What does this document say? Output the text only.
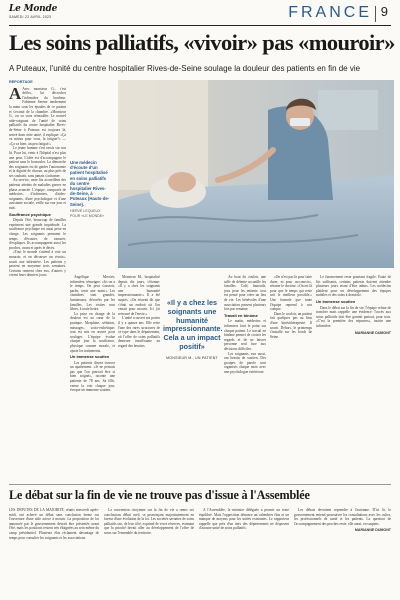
Le Monde
SAMEDI 22 AVRIL 2023	FRANCE 9
Les soins palliatifs, «vivoir» pas «mouroir»
A Puteaux, l'unité du centre hospitalier Rives-de-Seine soulage la douleur des patients en fin de vie
REPORTAGE

A Avec monsieur G., c'est drôle», lui décrocher l'infirmière du bonheur. Fabienne Serene tendrement la main sous les épaules de ce patient et s'extrait de la chambre. «Monsieur G., on va vous réinstaller. Le nouvel aide-soignant de l'unité de soins palliatifs du centre hospitalier Rives-de-Seine à Puteaux est toujours là, arrivé dans cette unité, il explique: «Ça va mieux pour vous, la fatigue?» — «Ça va bien, un peu fatigué.»

Le jeune homme s'est rassis sur son lit. Pour lui, venir à l'hôpital n'est plus une peur. L'idée est d'accompagner le patient sans le bousculer. La démarche des soignants est de garder l'autonomie et la dignité de chacun, au plus près de ses souhaits, sans jamais s'acharner.

Au service, onze lits accueillent des patients atteints de maladies graves en phase avancée. L'équipe, composée de médecins, d'infirmiers, d'aides-soignants, d'une psychologue et d'une assistante sociale, veille sur eux jour et nuit.

Souffrance psychique

Depuis l'été, beaucoup de familles expriment une grande inquiétude. La souffrance psychique est aussi prise en charge. Les soignants prennent le temps d'écouter, de rassurer, d'expliquer. Ils accompagnent aussi les proches, avant et après le décès.

«Tout le monde s'attend à voir un mouroir, et on découvre un vivoir», sourit une infirmière. Les patients y passent en moyenne trois semaines. Certains rentrent chez eux, d'autres y vivent leurs derniers jours.

Une médecin d'écoute d'un patient hospitalisé en soins palliatifs du centre hospitalier Rives-de-Seine, à Puteaux (Hauts-de-Seine).
HERVÉ LEQUEUX POUR «LE MONDE»

Angélique Mercier, infirmière, témoigne: «Ici on a le temps. On peut s'asseoir, parler, tenir une main.» Les chambres sont grandes, lumineuses, décorées par les familles. Les visites sont libres, à toute heure.

La prise en charge de la douleur est au cœur de la pratique. Morphine, sédation, massages, socio-esthétique: tout est mis en œuvre pour soulager. L'équipe évalue chaque jour la souffrance, physique comme morale, et ajuste les traitements.

Un immense soutien

Les patients disent trouver un apaisement. «Je ne pensais pas que l'on pouvait être si bien soigné», raconte une patiente de 78 ans. Sa fille, venue la voir chaque jour, évoque un immense soutien.

Monsieur M., hospitalisé depuis dix jours, s'étonne: «Il y a chez les soignants une humanité impressionnante.» Il a été surpris. «On m'avait dit que c'était un endroit où l'on venait pour mourir. Ici j'ai retrouvé de l'envie.»

L'unité a ouvert ses portes il y a quinze ans. Elle reste l'une des rares structures de ce type dans le département, où l'offre de soins palliatifs demeure insuffisante au regard des besoins.

«Il y a chez les soignants une humanité impressionnante. Cela a un impact positif»
MONSIEUR M., UN PATIENT

Au bout du couloir, une salle de détente accueille les familles. Café, fauteuils, jeux pour les enfants: tout est pensé pour créer un lieu de vie. Les bénévoles d'une association passent plusieurs fois par semaine.

Travail en binôme

Le matin, médecins et infirmiers font le point sur chaque patient. Le travail en binôme permet de croiser les regards et de ne laisser personne seul face aux décisions difficiles.

Les soignants, eux aussi, ont besoin de soutien. Des groupes de parole sont organisés chaque mois avec une psychologue extérieure.

«On n'est pas là pour faire durer, ni pour raccourcir», résume le docteur. «On est là pour que le temps qui reste soit le meilleur possible.» Une formule que toute l'équipe reprend à son compte.

Dans le couloir, un patient fait quelques pas au bras d'une kinésithérapeute. Il sourit. Dehors, le printemps s'installe sur les bords de Seine.

Le financement reste pourtant fragile. Faute de lits suffisants, certains patients doivent attendre plusieurs jours avant d'être admis. Les médecins plaident pour un développement des équipes mobiles et des soins à domicile.

Un immense soutien

Dans le débat sur la fin de vie, l'équipe refuse de trancher mais rappelle une évidence: l'accès aux soins palliatifs doit être garanti partout, pour tous. «C'est la première des réponses», insiste une infirmière.

MARIANNE DUMONT
Le débat sur la fin de vie ne trouve pas d'issue à l'Assemblée

LES DÉPUTÉS DE LA MAJORITÉ, réunis mercredi après-midi, ont achevé un débat sans conclusion ferme sur l'ouverture d'une aide active à mourir. La proposition de loi annoncée par le gouvernement devrait être présentée avant l'été, mais les positions restent très éloignées au sein même du camp présidentiel. Plusieurs élus réclament davantage de temps pour consulter les soignants et les associations.

La convention citoyenne sur la fin de vie a remis ses conclusions début avril, se prononçant majoritairement en faveur d'une évolution de la loi. Les sociétés savantes de soins palliatifs ont, de leur côté, exprimé de vives réserves, estimant que la priorité devait aller au développement de l'offre de soins sur l'ensemble du territoire.

A l'Assemblée, la ministre déléguée a promis un texte équilibré. Mais l'opposition dénonce un calendrier flou et un manque de moyens pour les unités existantes. Le rapporteur rappelle que près d'un tiers des départements ne disposent d'aucune unité de soins palliatifs.

Les débats devraient reprendre à l'automne. D'ici là, le gouvernement entend poursuivre les consultations avec les cultes, les professionnels de santé et les patients. La question de l'accompagnement des proches reste, elle aussi, en suspens.

MARIANNE DUMONT
